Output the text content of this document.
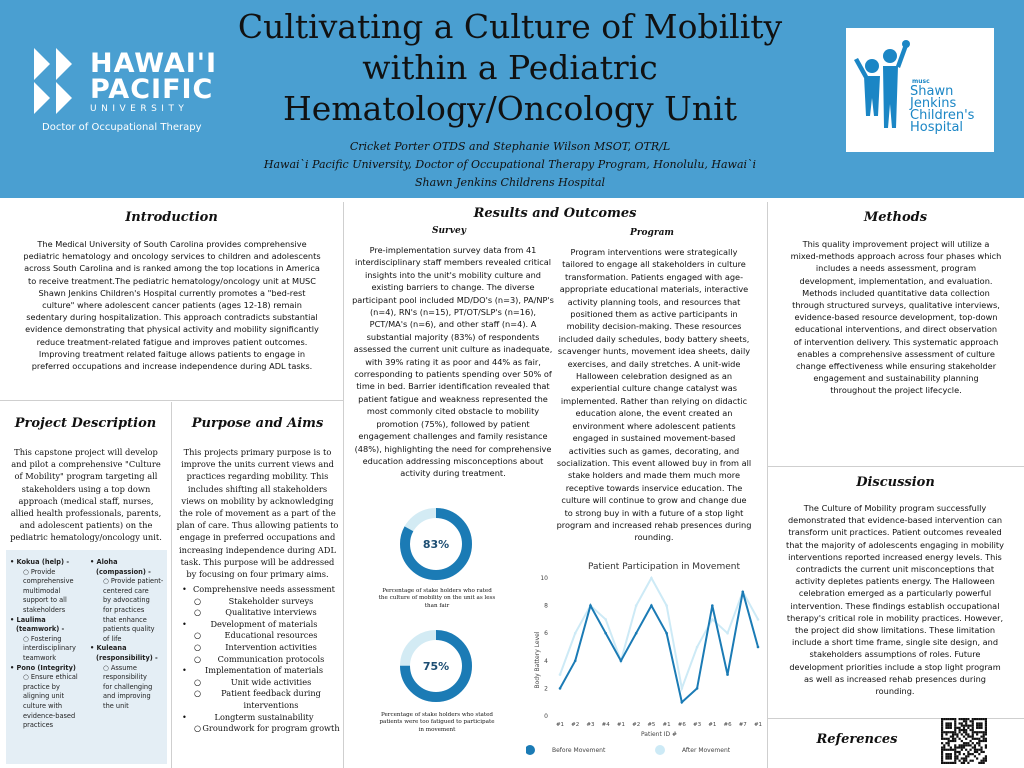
HAWAI'I
PACIFIC
UNIVERSITY
Doctor of Occupational Therapy
Cultivating a Culture of Mobility
within a Pediatric
Hematology/Oncology Unit
Cricket Porter OTDS and Stephanie Wilson MSOT, OTR/L
Hawai`i Pacific University, Doctor of Occupational Therapy Program, Honolulu, Hawai`i
Shawn Jenkins Childrens Hospital
musc
Shawn
Jenkins
Children's
Hospital
Introduction
The Medical University of South Carolina provides comprehensive pediatric hematology and oncology services to children and adolescents across South Carolina and is ranked among the top locations in America to receive treatment.The pediatric hematology/oncology unit at MUSC Shawn Jenkins Children's Hospital currently promotes a "bed-rest culture" where adolescent cancer patients (ages 12-18) remain sedentary during hospitalization. This approach contradicts substantial evidence demonstrating that physical activity and mobility significantly reduce treatment-related fatigue and improves patient outcomes. Improving treatment related faituge allows patients to engage in preferred occupations and increase independence during ADL tasks.
Project Description
This capstone project will develop and pilot a comprehensive "Culture of Mobility" program targeting all stakeholders using a top down approach (medical staff, nurses, allied health professionals, parents, and adolescent patients) on the pediatric hematology/oncology unit.
• Kokua (help) -
○ Provide
comprehensive
multimodal
support to all
stakeholders
• Laulima
(teamwork) -
○ Fostering
interdisciplinary
teamwork
• Pono (Integrity)
○ Ensure ethical
practice by
aligning unit
culture with
evidence-based
practices
• Aloha
(compassion) -
○ Provide patient-
centered care
by advocating
for practices
that enhance
patients quality
of life
• Kuleana
(responsibility) -
○ Assume
responsibility
for challenging
and improving
the unit
Purpose and Aims
This projects primary purpose is to improve the units current views and practices regarding mobility. This includes shifting all stakeholders views on mobility by acknowledging the role of movement as a part of the plan of care. Thus allowing patients to engage in preferred occupations and increasing independence during ADL task. This purpose will be addressed by focusing on four primary aims.
• Comprehensive needs assessment
○	Stakeholder surveys
○	Qualitative interviews
•	Development of materials
○	Educational resources
○	Intervention activities
○ Communication protocols
• Implementation of materials
○	Unit wide activities
○ Patient feedback during interventions
•	Longterm sustainability
○ Groundwork for program growth
Results and Outcomes
Survey	Program
Pre-implementation survey data from 41 interdisciplinary staff members revealed critical insights into the unit's mobility culture and existing barriers to change. The diverse participant pool included MD/DO's (n=3), PA/NP's (n=4), RN's (n=15), PT/OT/SLP's (n=16), PCT/MA's (n=6), and other staff (n=4). A substantial majority (83%) of respondents assessed the current unit culture as inadequate, with 39% rating it as poor and 44% as fair, corresponding to patients spending over 50% of time in bed. Barrier identification revealed that patient fatigue and weakness represented the most commonly cited obstacle to mobility promotion (75%), followed by patient engagement challenges and family resistance (48%), highlighting the need for comprehensive education addressing misconceptions about activity during treatment.
Program interventions were strategically tailored to engage all stakeholders in culture transformation. Patients engaged with age-appropriate educational materials, interactive activity planning tools, and resources that positioned them as active participants in mobility decision-making. These resources included daily schedules, body battery sheets, scavenger hunts, movement idea sheets, daily exercises, and daily stretches. A unit-wide Halloween celebration designed as an experiential culture change catalyst was implemented. Rather than relying on didactic education alone, the event created an environment where adolescent patients engaged in sustained movement-based activities such as games, decorating, and socialization. This event allowed buy in from all stake holders and made them much more receptive towards inservice education. The culture will continue to grow and change due to strong buy in with a future of a stop light program and increased rehab presences during rounding.
83%
Percentage of stake holders who rated the culture of mobility on the unit as less than fair
75%
Percentage of stake holders who stated patients were too fatigued to participate in movement
Patient Participation in Movement
Body Battery Level
Patient ID #
0
2
4
6
8
10
#1 #2 #3 #4 #1 #2 #5 #1 #6 #3 #1 #6 #7 #1
Before Movement	After Movement
Methods
This quality improvement project will utilize a mixed-methods approach across four phases which includes a needs assessment, program development, implementation, and evaluation. Methods included quantitative data collection through structured surveys, qualitative interviews, evidence-based resource development, top-down educational interventions, and direct observation of intervention delivery. This systematic approach enables a comprehensive assessment of culture change effectiveness while ensuring stakeholder engagement and sustainability planning throughout the project lifecycle.
Discussion
The Culture of Mobility program successfully demonstrated that evidence-based intervention can transform unit practices. Patient outcomes revealed that the majority of adolescents engaging in mobility interventions reported increased energy levels. This contradicts the current unit misconceptions that activity depletes patients energy. The Halloween celebration emerged as a particularly powerful intervention. These findings establish occupational therapy's critical role in mobility practices. However, the project did show limitations. These limitation include a short time frame, single site design, and stakeholders assumptions of roles. Future development priorities include a stop light program as well as increased rehab presences during rounding.
References
